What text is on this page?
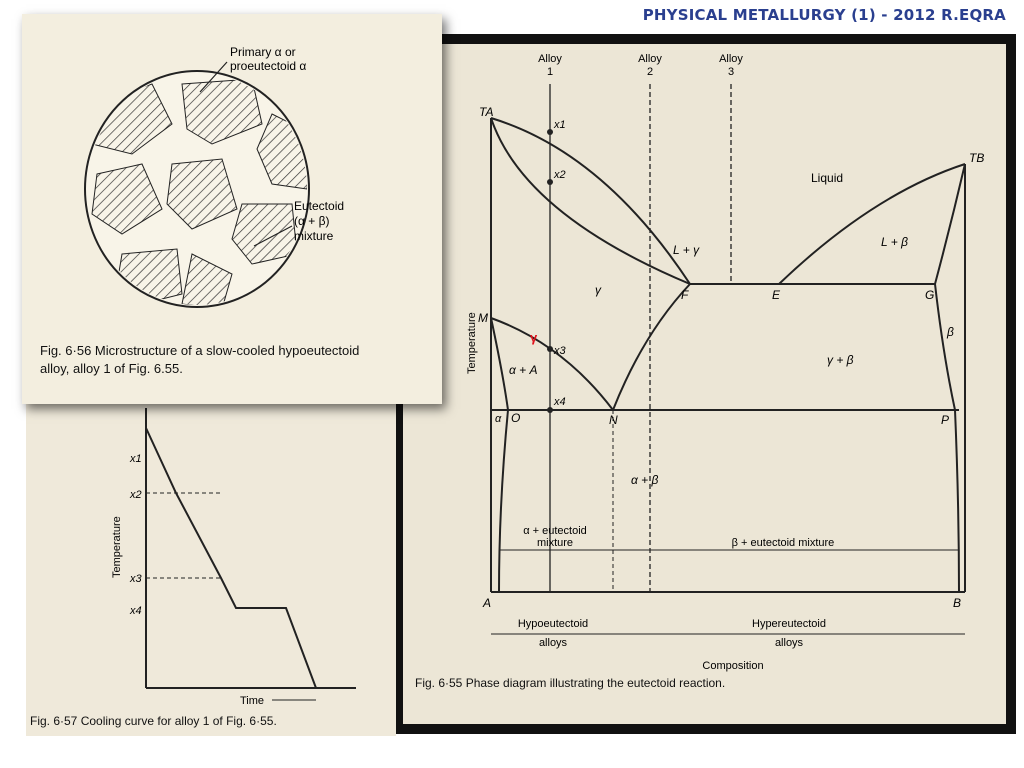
PHYSICAL METALLURGY (1) - 2012 R.EQRA
Alloy
1
Alloy
2
Alloy
3
TA
TB
M
O	N
F	E	G
P
A	B
x1
x2
x3
x4
Liquid
L + γ
L + β
γ
γ + β
β
α + A
α
α + β
γ
α + eutectoid
mixture	β + eutectoid mixture
Hypoeutectoid
alloys
Hypereutectoid
alloys
Temperature
Composition
Fig. 6·55 Phase diagram illustrating the eutectoid reaction.
x1
x2
x3
x4
Temperature
Time
Fig. 6·57 Cooling curve for alloy 1 of Fig. 6·55.
Primary α or
proeutectoid α
Eutectoid
(α + β)
mixture
Fig. 6·56 Microstructure of a slow-cooled hypoeutectoid
alloy, alloy 1 of Fig. 6.55.
